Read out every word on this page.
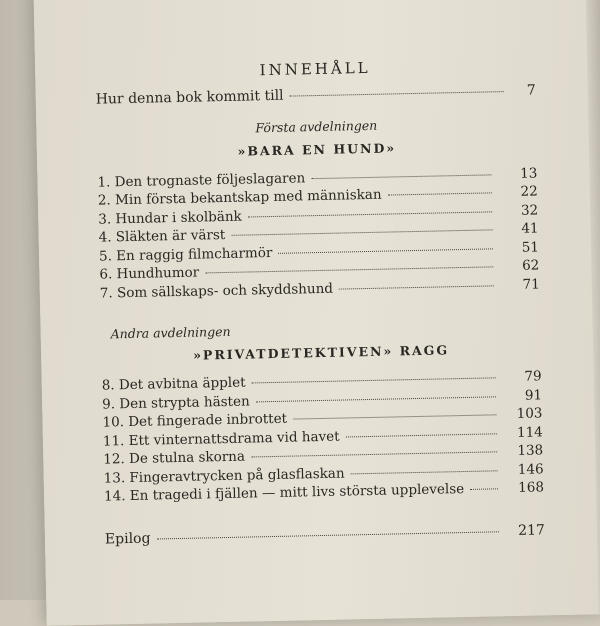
INNEHÅLL
Hur denna bok kommit till	7
Första avdelningen
»BARA EN HUND»
1. Den trognaste följeslagaren	13
2. Min första bekantskap med människan	22
3. Hundar i skolbänk	32
4. Släkten är värst	41
5. En raggig filmcharmör	51
6. Hundhumor	62
7. Som sällskaps- och skyddshund	71
Andra avdelningen
»PRIVATDETEKTIVEN» RAGG
8. Det avbitna äpplet	79
9. Den strypta hästen	91
10. Det fingerade inbrottet	103
11. Ett vinternattsdrama vid havet	114
12. De stulna skorna	138
13. Fingeravtrycken på glasflaskan	146
14. En tragedi i fjällen — mitt livs största upplevelse	168
Epilog	217
